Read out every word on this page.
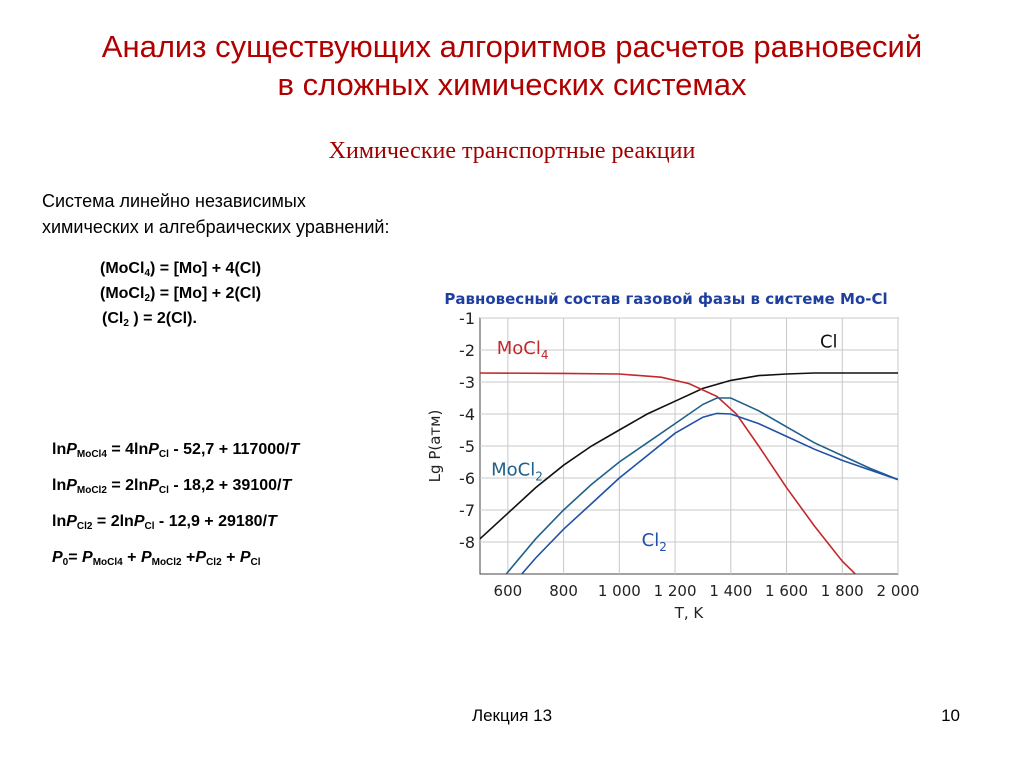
Анализ существующих алгоритмов расчетов равновесий
в сложных химических системах
Химические транспортные реакции
Система линейно независимых
химических и алгебраических уравнений:
(MoCl$_4$) = [Mo] + 4(Cl)
(MoCl$_2$) = [Mo] + 2(Cl)
($Cl_2$ ) = 2(Cl).
lnP$_{MoCl4}$ = 4lnP$_{Cl}$ - 52,7 + 117000/T
lnP$_{MoCl2}$ = 2lnP$_{Cl}$ - 18,2 + 39100/T
lnP$_{Cl2}$ = 2lnP$_{Cl}$ - 12,9 + 29180/T
$P_0= P_{MoCl4} + P_{MoCl2} +P_{Cl2} + P_{Cl}$
Равновесный состав газовой фазы в системе Mo-Cl
600 800 1 000 1 200 1 400 1 600 1 800 2 000
-1
-2
-3
-4
-5
-6
-7
-8
T, K
Lg P(атм)
Cl
MoCl$_4$
MoCl$_2$
$Cl_2$
Лекция 13	10
